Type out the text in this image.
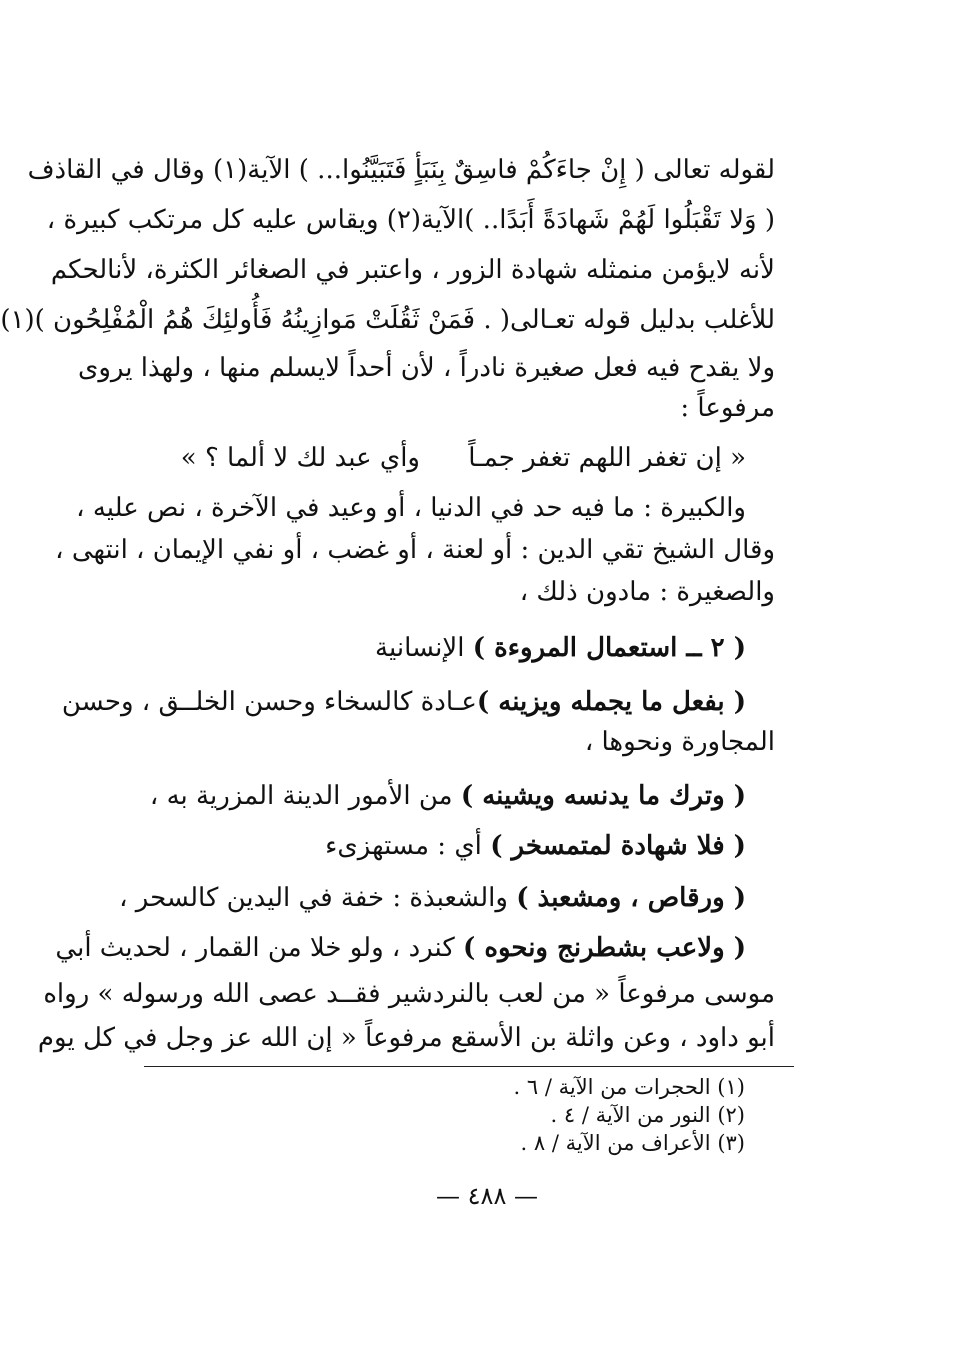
لقوله تعالى ( إِنْ جاءَكُمْ فاسِقٌ بِنَبَأٍ فَتَبَيَّنُوا... ) الآية(١) وقال في القاذف
( وَلا تَقْبَلُوا لَهُمْ شَهادَةً أَبَدًا.. )الآية(٢) ويقاس عليه كل مرتكب كبيرة ،
لأنه لايؤمن منمثله شهادة الزور ، واعتبر في الصغائر الكثرة، لأنالحكم
للأغلب بدليل قوله تعـالى( . فَمَنْ ثَقُلَتْ مَوازِينُهُ فَأُولئِكَ هُمُ الْمُفْلِحُون )(١)
ولا يقدح فيه فعل صغيرة نادراً ، لأن أحداً لايسلم منها ، ولهذا يروى
مرفوعاً :
« إن تغفر اللهم تغفر جمـاً
وأي عبد لك لا ألما ؟ »
والكبيرة : ما فيه حد في الدنيا ، أو وعيد في الآخرة ، نص عليه ،
وقال الشيخ تقي الدين : أو لعنة ، أو غضب ، أو نفي الإيمان ، انتهى ،
والصغيرة : مادون ذلك ،
( ٢ ــ استعمال المروءة ) الإنسانية
( بفعل ما يجمله ويزينه )عـادة كالسخاء وحسن الخلــق ، وحسن
المجاورة ونحوها ،
( وترك ما يدنسه ويشينه ) من الأمور الدينة المزرية به ،
( فلا شهادة لمتمسخر ) أي : مستهزىء
( ورقاص ، ومشعبذ ) والشعبذة : خفة في اليدين كالسحر ،
( ولاعب بشطرنج ونحوه ) كنرد ، ولو خلا من القمار ، لحديث أبي
موسى مرفوعاً « من لعب بالنردشير فقــد عصى الله ورسوله » رواه
أبو داود ، وعن واثلة بن الأسقع مرفوعاً « إن الله عز وجل في كل يوم
(١) الحجرات من الآية / ٦ .
(٢) النور من الآية / ٤ .
(٣) الأعراف من الآية / ٨ .
— ٤٨٨ —
